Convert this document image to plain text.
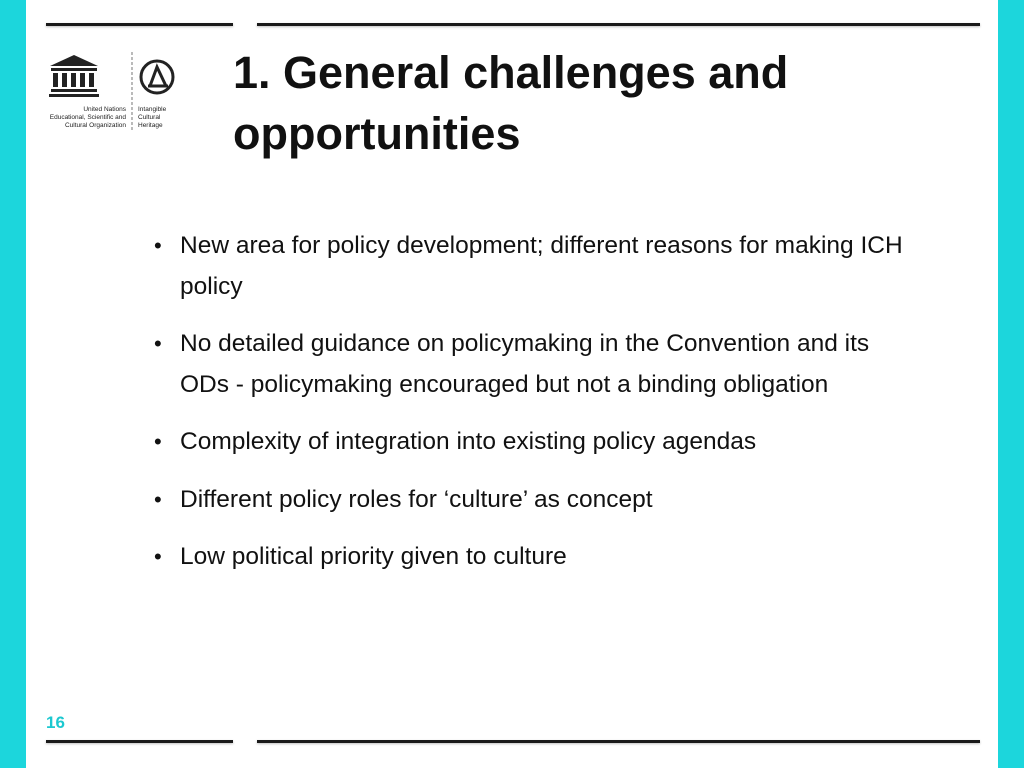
United Nations
Educational, Scientific and
Cultural Organization
Intangible
Cultural
Heritage
1. General challenges and opportunities
• New area for policy development; different reasons for making ICH policy
• No detailed guidance on policymaking in the Convention and its ODs - policymaking encouraged but not a binding obligation
• Complexity of integration into existing policy agendas
• Different policy roles for ‘culture’ as concept
• Low political priority given to culture
16
